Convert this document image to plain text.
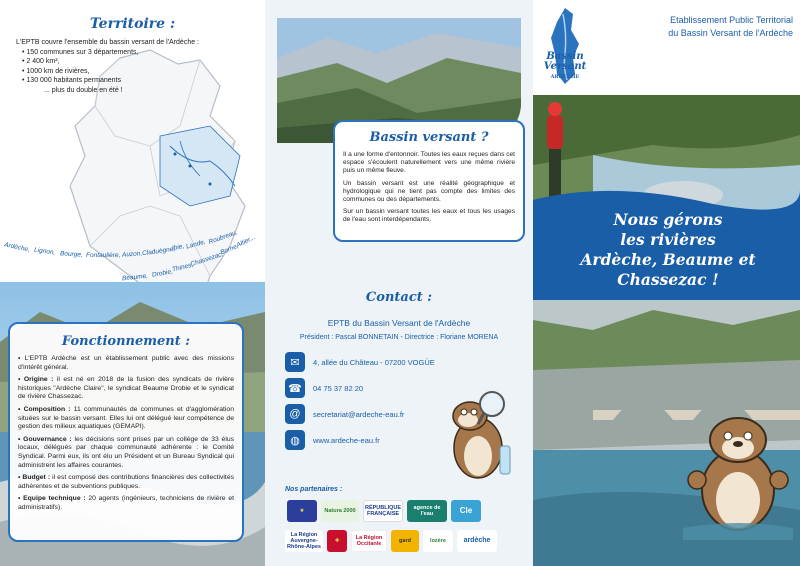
Territoire :
L'EPTB couvre l'ensemble du bassin versant de l'Ardèche :
• 150 communes sur 3 départements,
• 2 400 km²,
• 1000 km de rivières,
• 130 000 habitants permanents
... plus du double en été !
Ardèche, Lignon, Bourge, Fontaulière, Auzon, Claduègne,
Ibie, Lande, Roubreau,
Beaume, Drobie,
Thines,
Chassezac,
Borne,
Altier...
Fonctionnement :
• L'EPTB Ardèche est un établissement public avec des missions d'intérêt général.
• Origine : il est né en 2018 de la fusion des syndicats de rivière historiques "Ardèche Claire", le syndicat Beaume Drobie et le syndicat de rivière Chassezac.
• Composition : 11 communautés de communes et d'agglomération situées sur le bassin versant. Elles lui ont délégué leur compétence de gestion des milieux aquatiques (GEMAPI).
• Gouvernance : les décisions sont prises par un collège de 33 élus locaux, délégués par chaque communauté adhérente : le Comité Syndical. Parmi eux, ils ont élu un Président et un Bureau Syndical qui administrent les affaires courantes.
• Budget : il est composé des contributions financières des collectivités adhérentes et de subventions publiques.
• Equipe technique : 20 agents (ingénieurs, techniciens de rivière et administratifs).
Bassin versant ?

Il a une forme d'entonnoir. Toutes les eaux reçues dans cet espace s'écoulent naturellement vers une même rivière puis un même fleuve.

Un bassin versant est une réalité géographique et hydrologique qui ne tient pas compte des limites des communes ou des départements.

Sur un bassin versant toutes les eaux et tous les usages de l'eau sont interdépendants.

Contact :
EPTB du Bassin Versant de l'Ardèche
Président : Pascal BONNETAIN - Directrice : Floriane MORENA
✉	4, allée du Château - 07200 VOGÜE
☎	04 75 37 82 20
@	secretariat@ardeche-eau.fr
◍	www.ardeche-eau.fr
Nos partenaires :
★	Natura 2000	RÉPUBLIQUE FRANÇAISE
agence de l'eau	Cle
La Région Auvergne-Rhône-Alpes
✚	La Région Occitanie	gard	lozère	ardèche
Bassin
Versant
ARDÈCHE
Etablissement Public Territorial
du Bassin Versant de l'Ardèche
Nous gérons
les rivières
Ardèche, Beaume et
Chassezac !
